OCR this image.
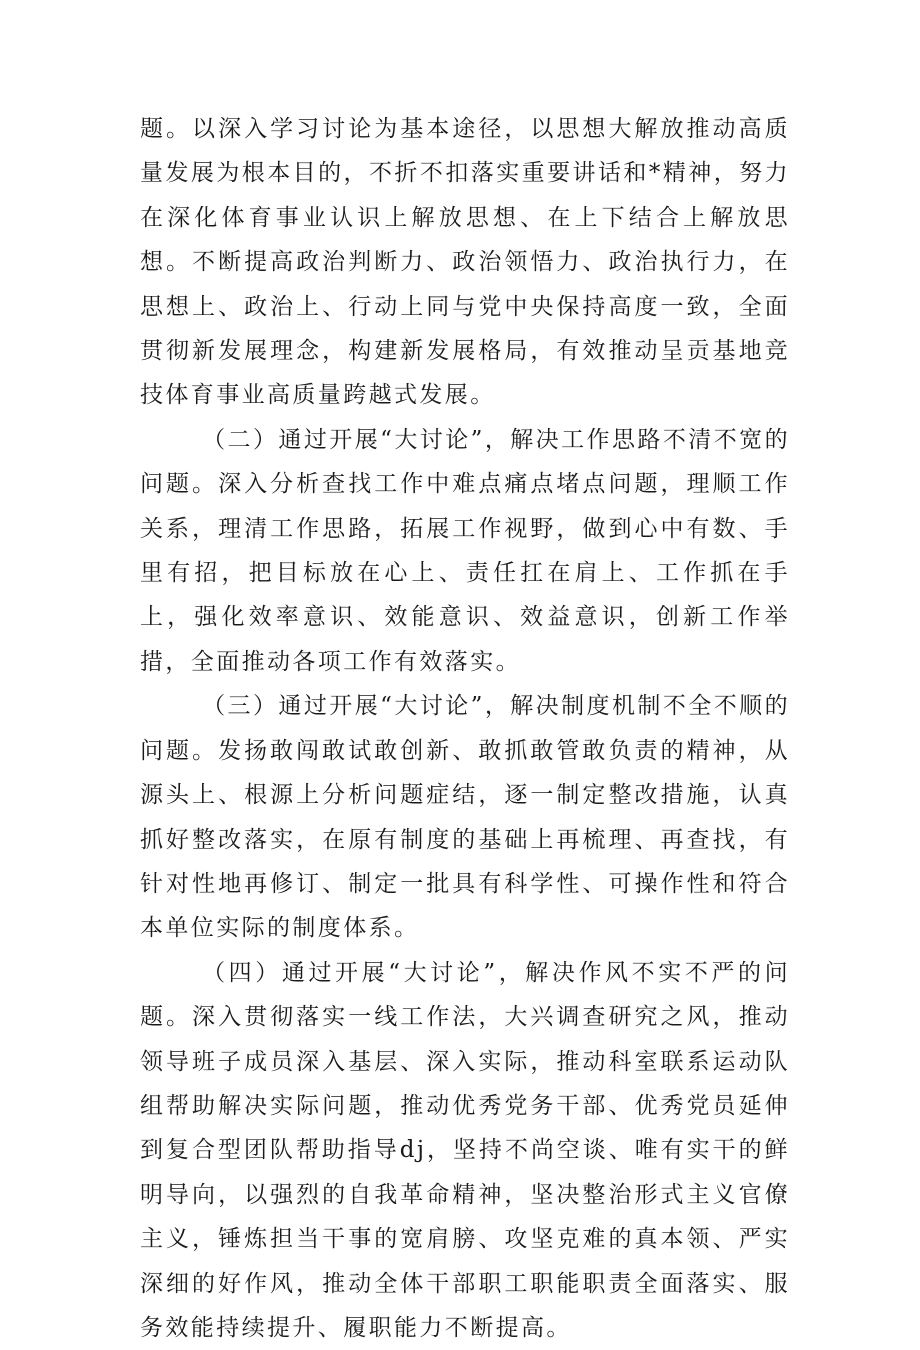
题。以深入学习讨论为基本途径，以思想大解放推动高质量发展为根本目的，不折不扣落实重要讲话和*精神，努力在深化体育事业认识上解放思想、在上下结合上解放思想。不断提高政治判断力、政治领悟力、政治执行力，在思想上、政治上、行动上同与党中央保持高度一致，全面贯彻新发展理念，构建新发展格局，有效推动呈贡基地竞技体育事业高质量跨越式发展。

（二）通过开展“大讨论”，解决工作思路不清不宽的问题。深入分析查找工作中难点痛点堵点问题，理顺工作关系，理清工作思路，拓展工作视野，做到心中有数、手里有招，把目标放在心上、责任扛在肩上、工作抓在手上，强化效率意识、效能意识、效益意识，创新工作举措，全面推动各项工作有效落实。

（三）通过开展“大讨论”，解决制度机制不全不顺的问题。发扬敢闯敢试敢创新、敢抓敢管敢负责的精神，从源头上、根源上分析问题症结，逐一制定整改措施，认真抓好整改落实，在原有制度的基础上再梳理、再查找，有针对性地再修订、制定一批具有科学性、可操作性和符合本单位实际的制度体系。

（四）通过开展“大讨论”，解决作风不实不严的问题。深入贯彻落实一线工作法，大兴调查研究之风，推动领导班子成员深入基层、深入实际，推动科室联系运动队组帮助解决实际问题，推动优秀党务干部、优秀党员延伸到复合型团队帮助指导dj，坚持不尚空谈、唯有实干的鲜明导向，以强烈的自我革命精神，坚决整治形式主义官僚主义，锤炼担当干事的宽肩膀、攻坚克难的真本领、严实深细的好作风，推动全体干部职工职能职责全面落实、服务效能持续提升、履职能力不断提高。
